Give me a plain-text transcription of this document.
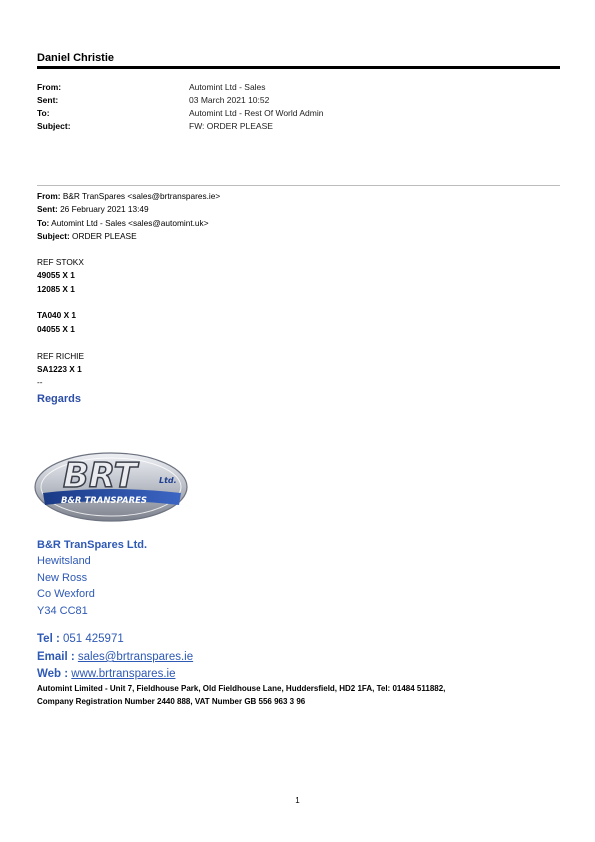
Daniel Christie
From:	Automint Ltd - Sales
Sent:	03 March 2021 10:52
To:	Automint Ltd - Rest Of World Admin
Subject:	FW: ORDER PLEASE
From: B&R TranSpares <sales@brtranspares.ie>
Sent: 26 February 2021 13:49
To: Automint Ltd - Sales <sales@automint.uk>
Subject: ORDER PLEASE
REF STOKX
49055 X 1
12085 X 1
TA040 X 1
04055 X 1
REF RICHIE
SA1223 X 1
--
Regards
BRT	Ltd.
B&R TRANSPARES
B&R TranSpares Ltd.
Hewitsland
New Ross
Co Wexford
Y34 CC81
Tel : 051 425971
Email : sales@brtranspares.ie
Web : www.brtranspares.ie
Automint Limited - Unit 7, Fieldhouse Park, Old Fieldhouse Lane, Huddersfield, HD2 1FA, Tel: 01484 511882,
Company Registration Number 2440 888, VAT Number GB 556 963 3 96
1
